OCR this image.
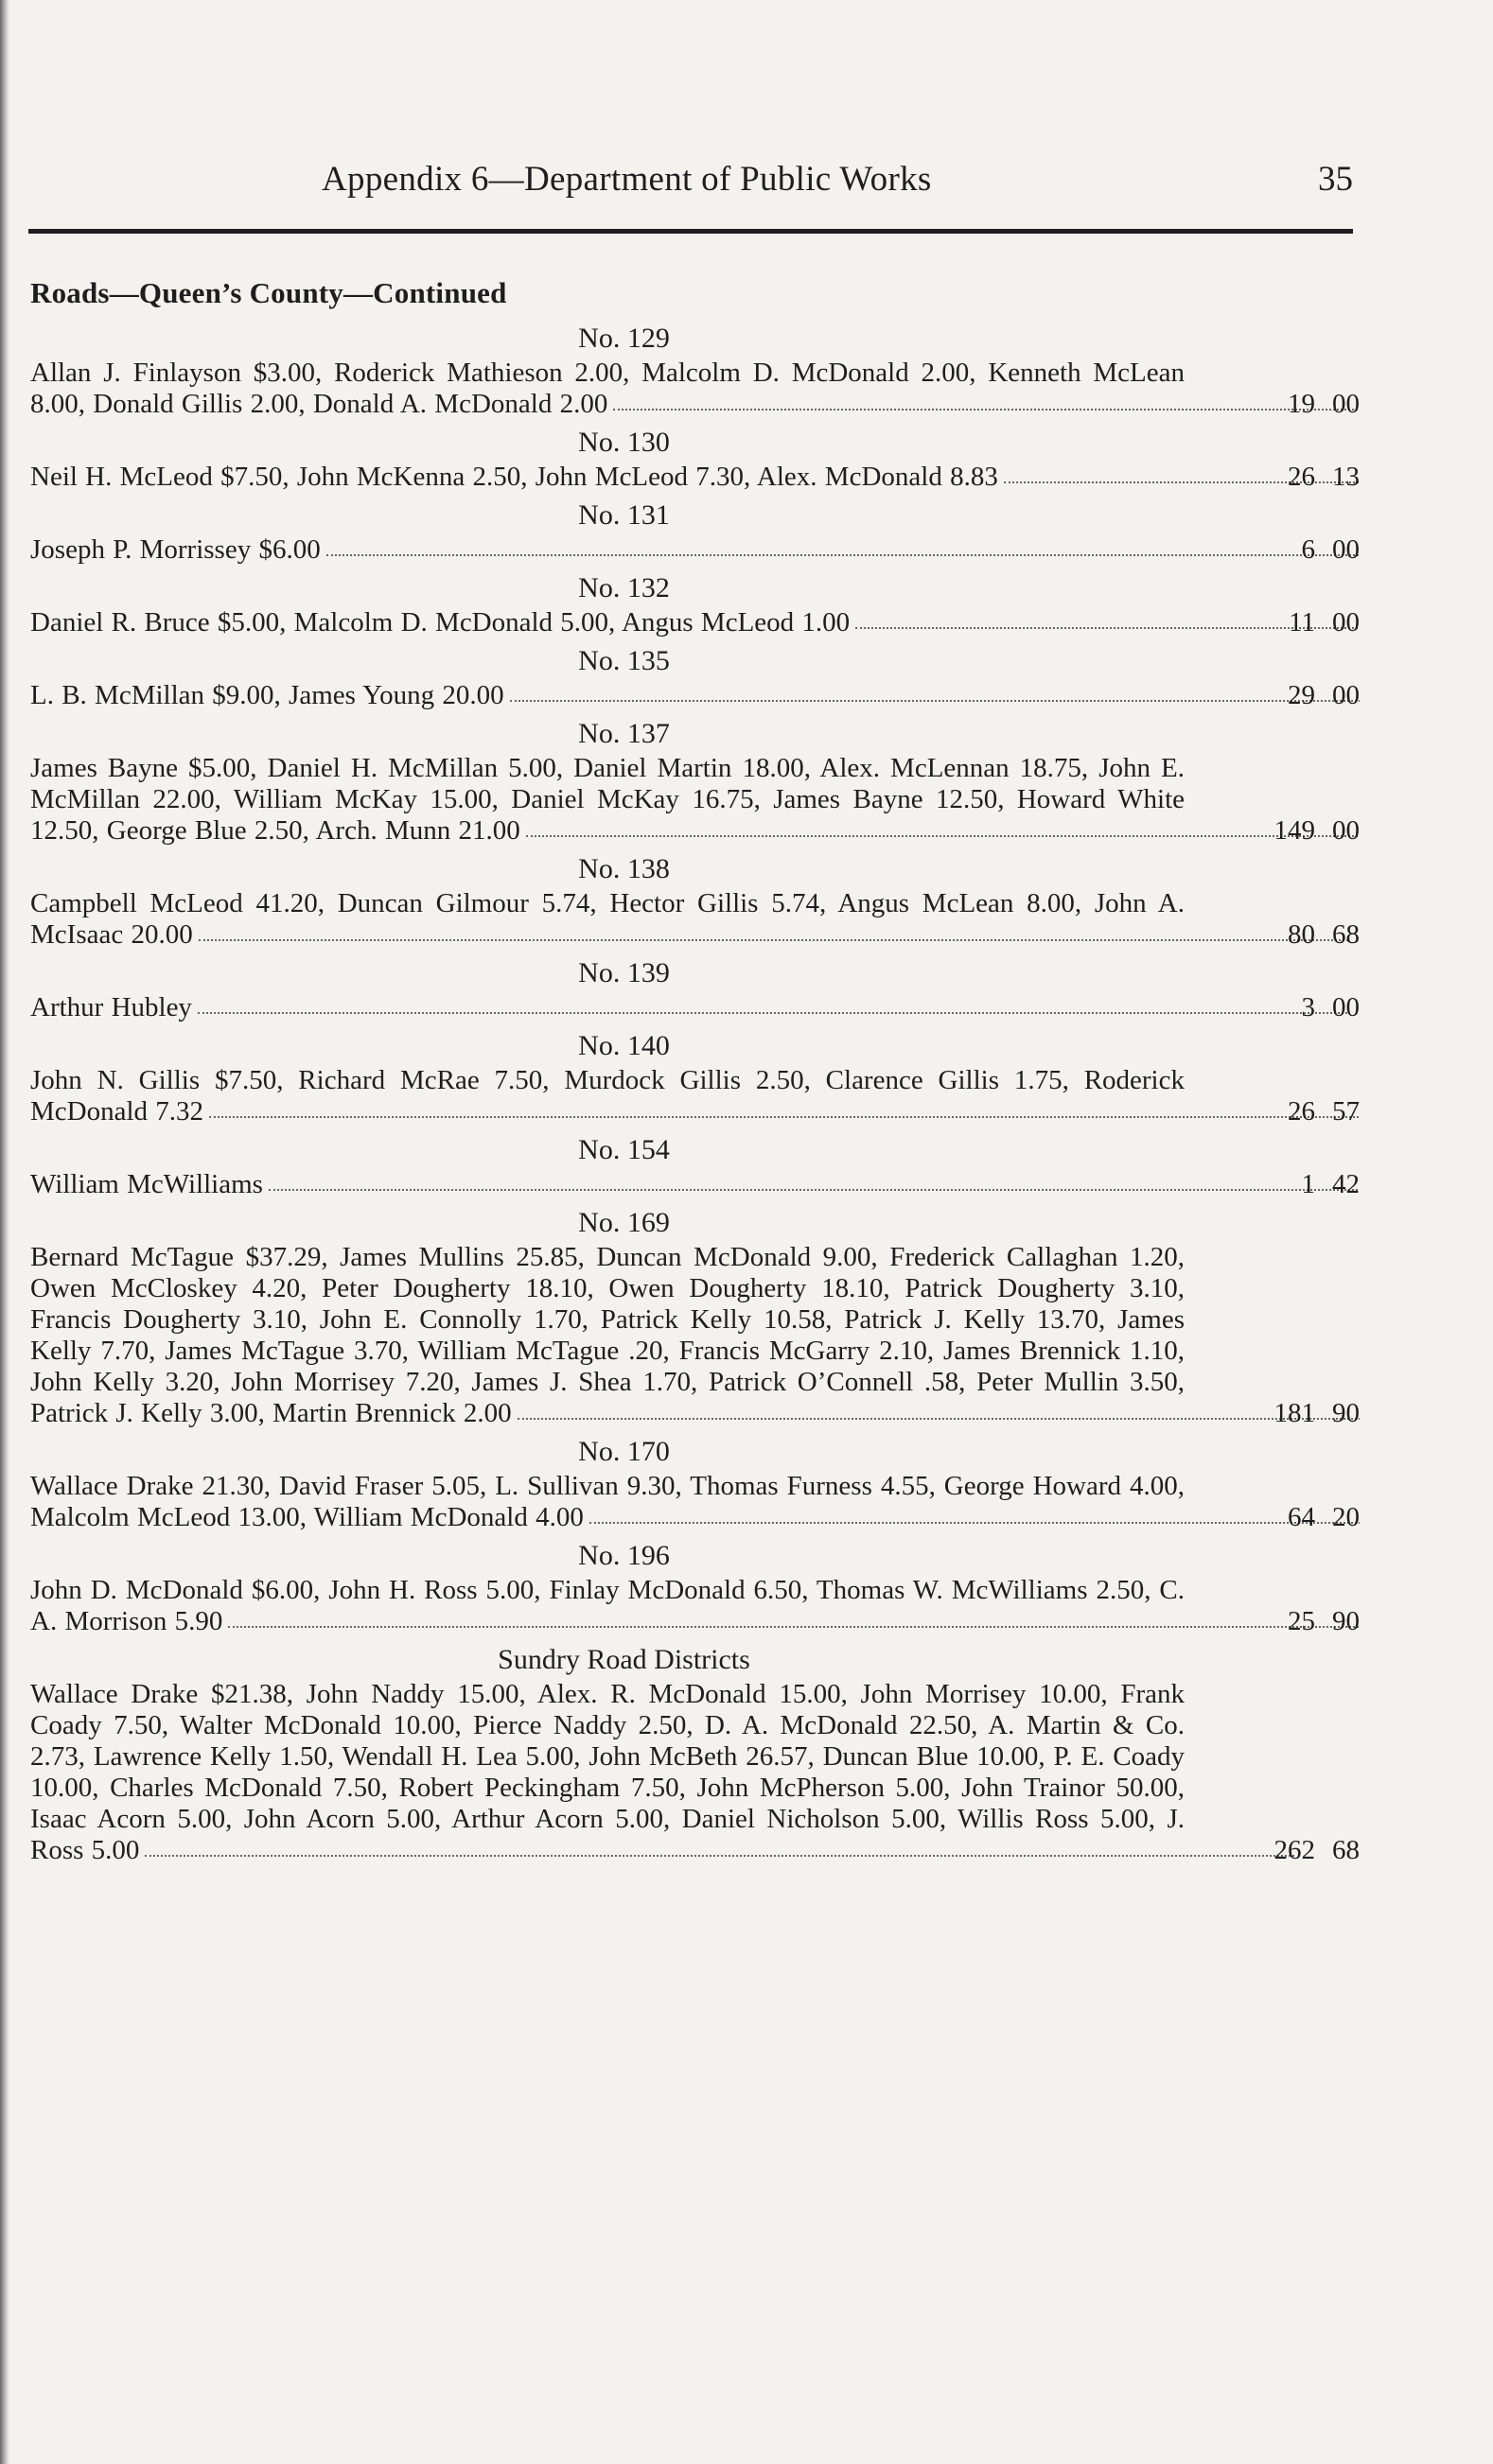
Appendix 6—Department of Public Works	35
Roads—Queen’s County—Continued
No. 129
Allan J. Finlayson $3.00, Roderick Mathieson 2.00, Malcolm D. McDonald 2.00, Kenneth McLean 8.00, Donald Gillis 2.00, Donald A. McDonald 2.00	19 00
No. 130
Neil H. McLeod $7.50, John McKenna 2.50, John McLeod 7.30, Alex. McDonald 8.83	26 13
No. 131
Joseph P. Morrissey $6.00	6 00
No. 132
Daniel R. Bruce $5.00, Malcolm D. McDonald 5.00, Angus McLeod 1.00	11 00
No. 135
L. B. McMillan $9.00, James Young 20.00	29 00
No. 137
James Bayne $5.00, Daniel H. McMillan 5.00, Daniel Martin 18.00, Alex. McLennan 18.75, John E. McMillan 22.00, William McKay 15.00, Daniel McKay 16.75, James Bayne 12.50, Howard White 12.50, George Blue 2.50, Arch. Munn 21.00	149 00
No. 138
Campbell McLeod 41.20, Duncan Gilmour 5.74, Hector Gillis 5.74, Angus McLean 8.00, John A. McIsaac 20.00	80 68
No. 139
Arthur Hubley	3 00
No. 140
John N. Gillis $7.50, Richard McRae 7.50, Murdock Gillis 2.50, Clarence Gillis 1.75, Roderick McDonald 7.32	26 57
No. 154
William McWilliams	1 42
No. 169
Bernard McTague $37.29, James Mullins 25.85, Duncan McDonald 9.00, Frederick Callaghan 1.20, Owen McCloskey 4.20, Peter Dougherty 18.10, Owen Dougherty 18.10, Patrick Dougherty 3.10, Francis Dougherty 3.10, John E. Connolly 1.70, Patrick Kelly 10.58, Patrick J. Kelly 13.70, James Kelly 7.70, James McTague 3.70, William McTague .20, Francis McGarry 2.10, James Brennick 1.10, John Kelly 3.20, John Morrisey 7.20, James J. Shea 1.70, Patrick O’Connell .58, Peter Mullin 3.50, Patrick J. Kelly 3.00, Martin Brennick 2.00	181 90
No. 170
Wallace Drake 21.30, David Fraser 5.05, L. Sullivan 9.30, Thomas Furness 4.55, George Howard 4.00, Malcolm McLeod 13.00, William McDonald 4.00	64 20
No. 196
John D. McDonald $6.00, John H. Ross 5.00, Finlay McDonald 6.50, Thomas W. McWilliams 2.50, C. A. Morrison 5.90	25 90
Sundry Road Districts
Wallace Drake $21.38, John Naddy 15.00, Alex. R. McDonald 15.00, John Morrisey 10.00, Frank Coady 7.50, Walter McDonald 10.00, Pierce Naddy 2.50, D. A. McDonald 22.50, A. Martin & Co. 2.73, Lawrence Kelly 1.50, Wendall H. Lea 5.00, John McBeth 26.57, Duncan Blue 10.00, P. E. Coady 10.00, Charles McDonald 7.50, Robert Peckingham 7.50, John McPherson 5.00, John Trainor 50.00, Isaac Acorn 5.00, John Acorn 5.00, Arthur Acorn 5.00, Daniel Nicholson 5.00, Willis Ross 5.00, J. Ross 5.00	262 68
